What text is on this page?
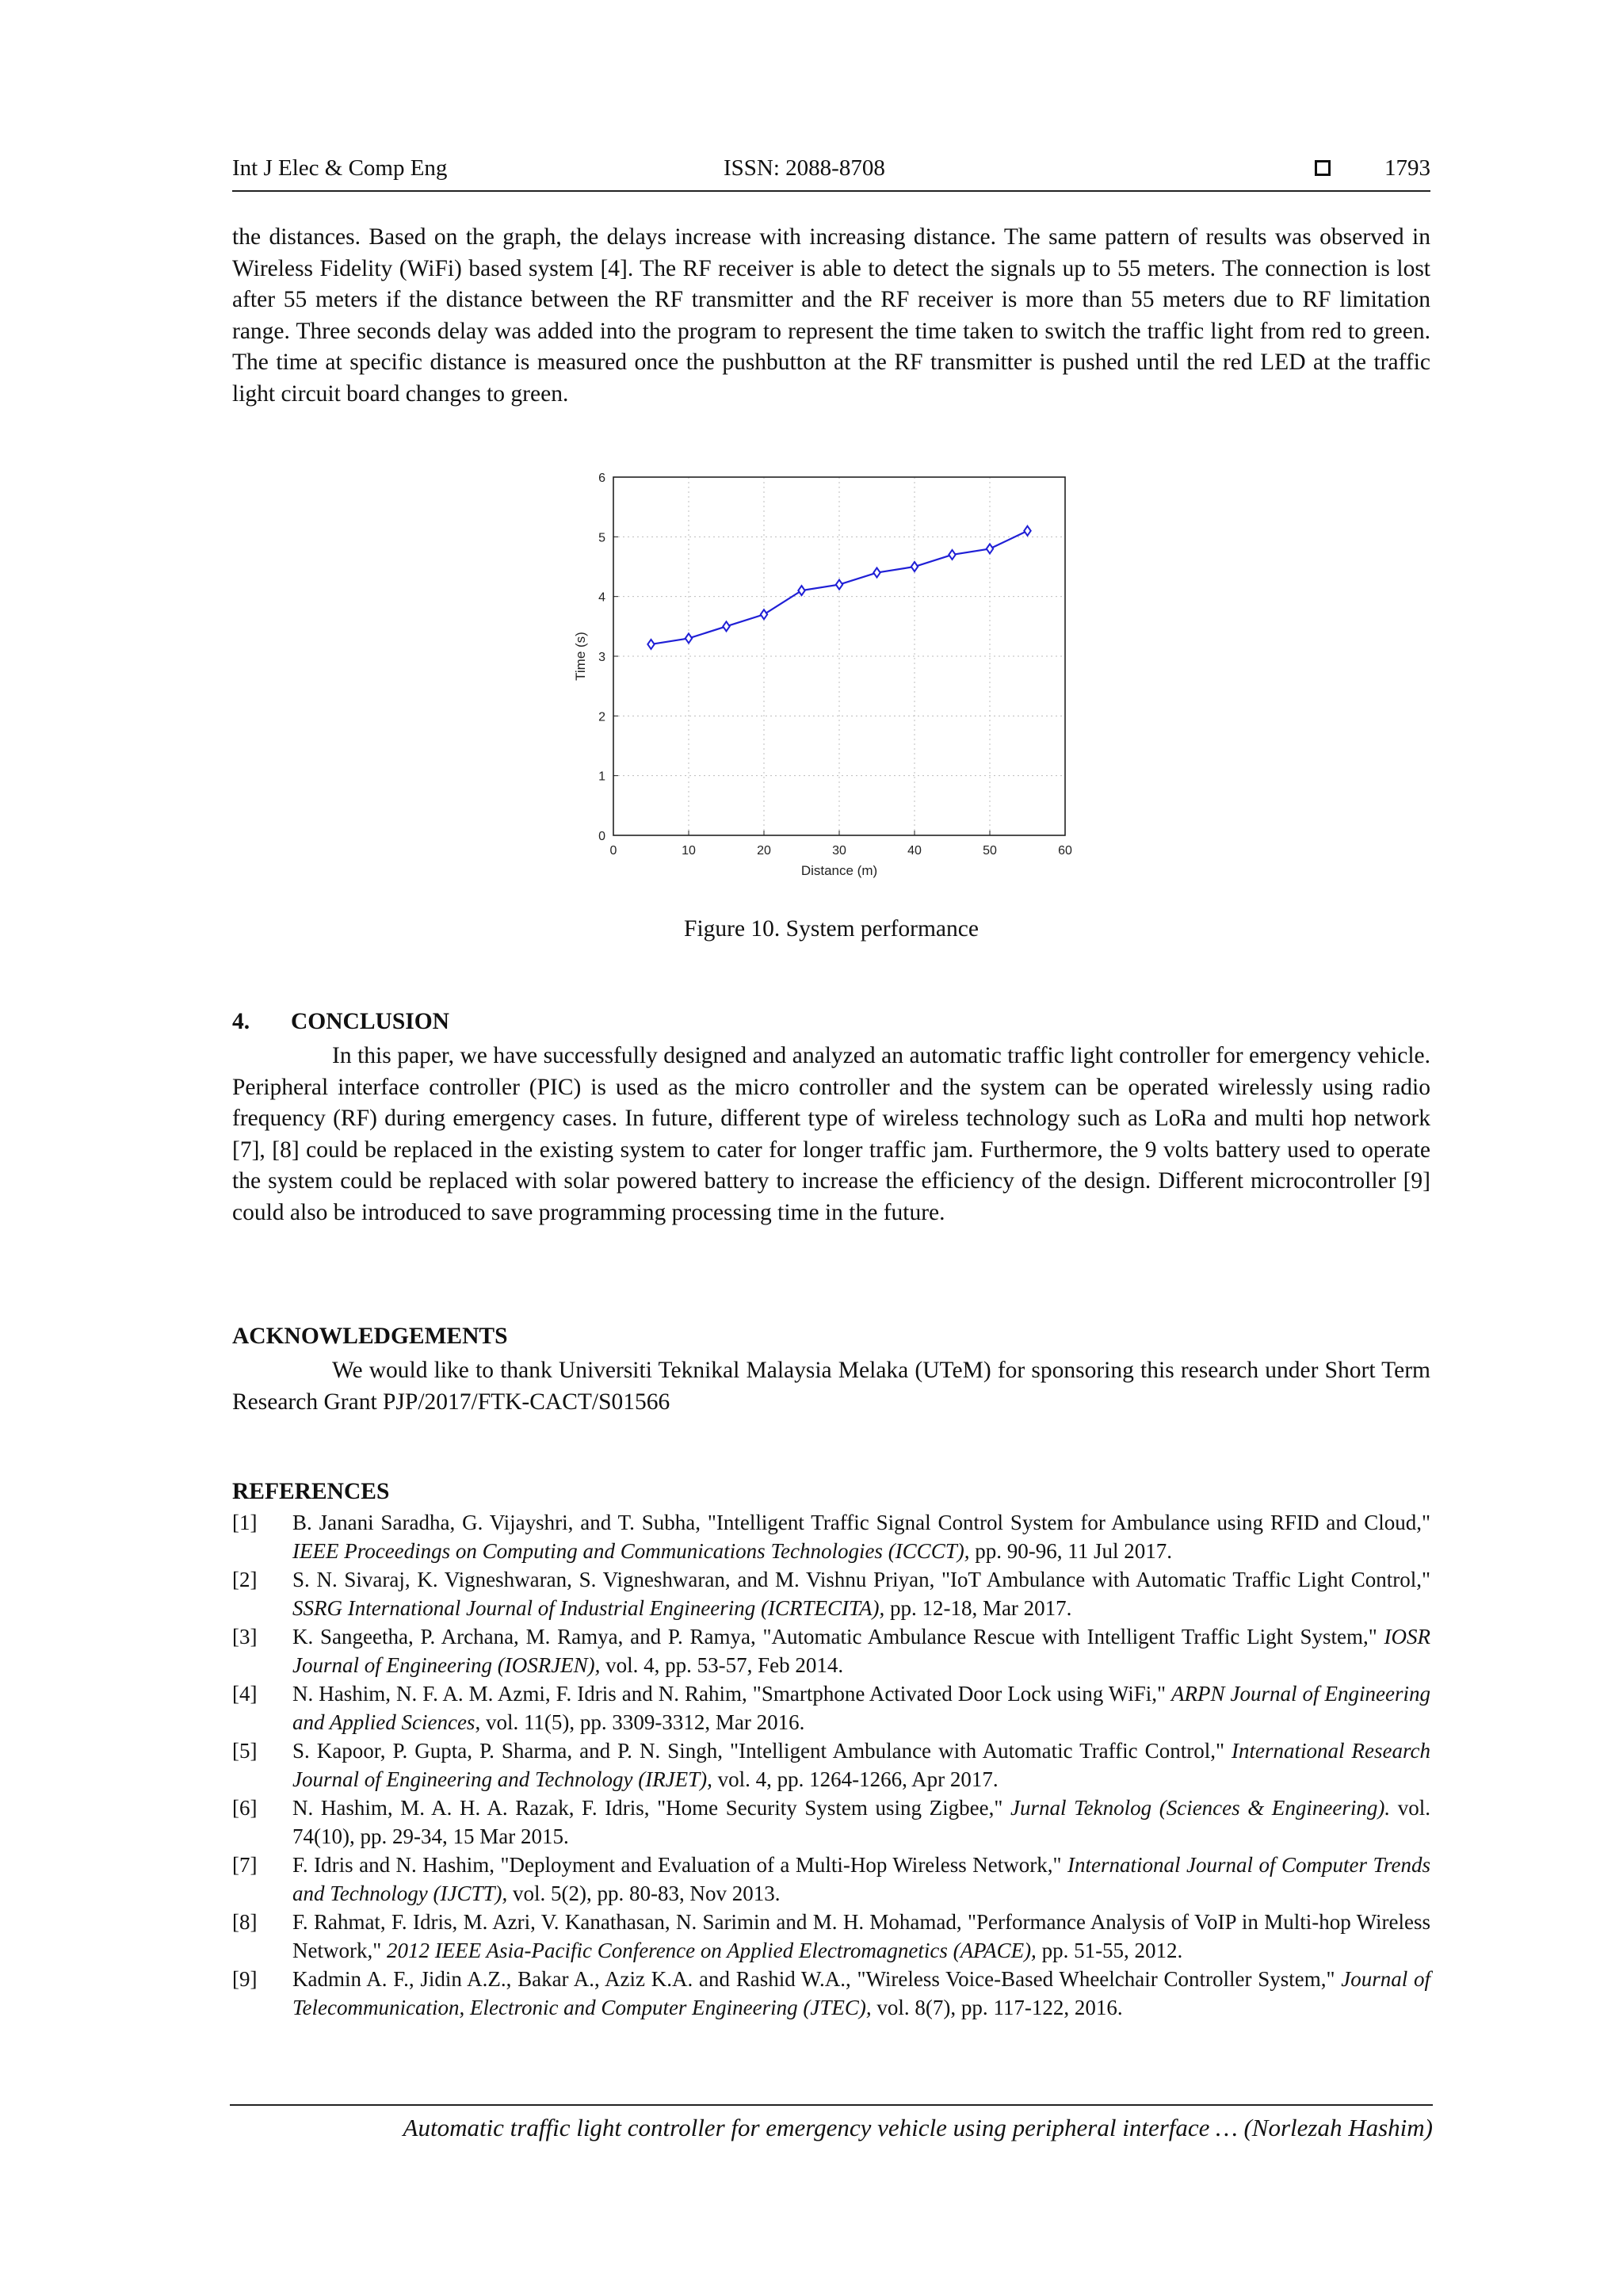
Int J Elec & Comp Eng	ISSN: 2088-8708	1793

the distances. Based on the graph, the delays increase with increasing distance. The same pattern of results was observed in Wireless Fidelity (WiFi) based system [4]. The RF receiver is able to detect the signals up to 55 meters. The connection is lost after 55 meters if the distance between the RF transmitter and the RF receiver is more than 55 meters due to RF limitation range. Three seconds delay was added into the program to represent the time taken to switch the traffic light from red to green. The time at specific distance is measured once the pushbutton at the RF transmitter is pushed until the red LED at the traffic light circuit board changes to green.

0	10	20	30	40	50	60
0
1
2
3
4
5
6
Distance (m)
Time (s)
Figure 10. System performance
4. CONCLUSION

In this paper, we have successfully designed and analyzed an automatic traffic light controller for emergency vehicle. Peripheral interface controller (PIC) is used as the micro controller and the system can be operated wirelessly using radio frequency (RF) during emergency cases. In future, different type of wireless technology such as LoRa and multi hop network [7], [8] could be replaced in the existing system to cater for longer traffic jam. Furthermore, the 9 volts battery used to operate the system could be replaced with solar powered battery to increase the efficiency of the design. Different microcontroller [9] could also be introduced to save programming processing time in the future.

ACKNOWLEDGEMENTS

We would like to thank Universiti Teknikal Malaysia Melaka (UTeM) for sponsoring this research under Short Term Research Grant PJP/2017/FTK-CACT/S01566

REFERENCES
[1] B. Janani Saradha, G. Vijayshri, and T. Subha, "Intelligent Traffic Signal Control System for Ambulance using RFID and Cloud," IEEE Proceedings on Computing and Communications Technologies (ICCCT), pp. 90-96, 11 Jul 2017.
[2] S. N. Sivaraj, K. Vigneshwaran, S. Vigneshwaran, and M. Vishnu Priyan, "IoT Ambulance with Automatic Traffic Light Control," SSRG International Journal of Industrial Engineering (ICRTECITA), pp. 12-18, Mar 2017.
[3] K. Sangeetha, P. Archana, M. Ramya, and P. Ramya, "Automatic Ambulance Rescue with Intelligent Traffic Light System," IOSR Journal of Engineering (IOSRJEN), vol. 4, pp. 53-57, Feb 2014.
[4] N. Hashim, N. F. A. M. Azmi, F. Idris and N. Rahim, "Smartphone Activated Door Lock using WiFi," ARPN Journal of Engineering and Applied Sciences, vol. 11(5), pp. 3309-3312, Mar 2016.
[5] S. Kapoor, P. Gupta, P. Sharma, and P. N. Singh, "Intelligent Ambulance with Automatic Traffic Control," International Research Journal of Engineering and Technology (IRJET), vol. 4, pp. 1264-1266, Apr 2017.
[6] N. Hashim, M. A. H. A. Razak, F. Idris, "Home Security System using Zigbee," Jurnal Teknolog (Sciences & Engineering). vol. 74(10), pp. 29-34, 15 Mar 2015.
[7] F. Idris and N. Hashim, "Deployment and Evaluation of a Multi-Hop Wireless Network," International Journal of Computer Trends and Technology (IJCTT), vol. 5(2), pp. 80-83, Nov 2013.
[8] F. Rahmat, F. Idris, M. Azri, V. Kanathasan, N. Sarimin and M. H. Mohamad, "Performance Analysis of VoIP in Multi-hop Wireless Network," 2012 IEEE Asia-Pacific Conference on Applied Electromagnetics (APACE), pp. 51-55, 2012.
[9] Kadmin A. F., Jidin A.Z., Bakar A., Aziz K.A. and Rashid W.A., "Wireless Voice-Based Wheelchair Controller System," Journal of Telecommunication, Electronic and Computer Engineering (JTEC), vol. 8(7), pp. 117-122, 2016.
Automatic traffic light controller for emergency vehicle using peripheral interface … (Norlezah Hashim)
